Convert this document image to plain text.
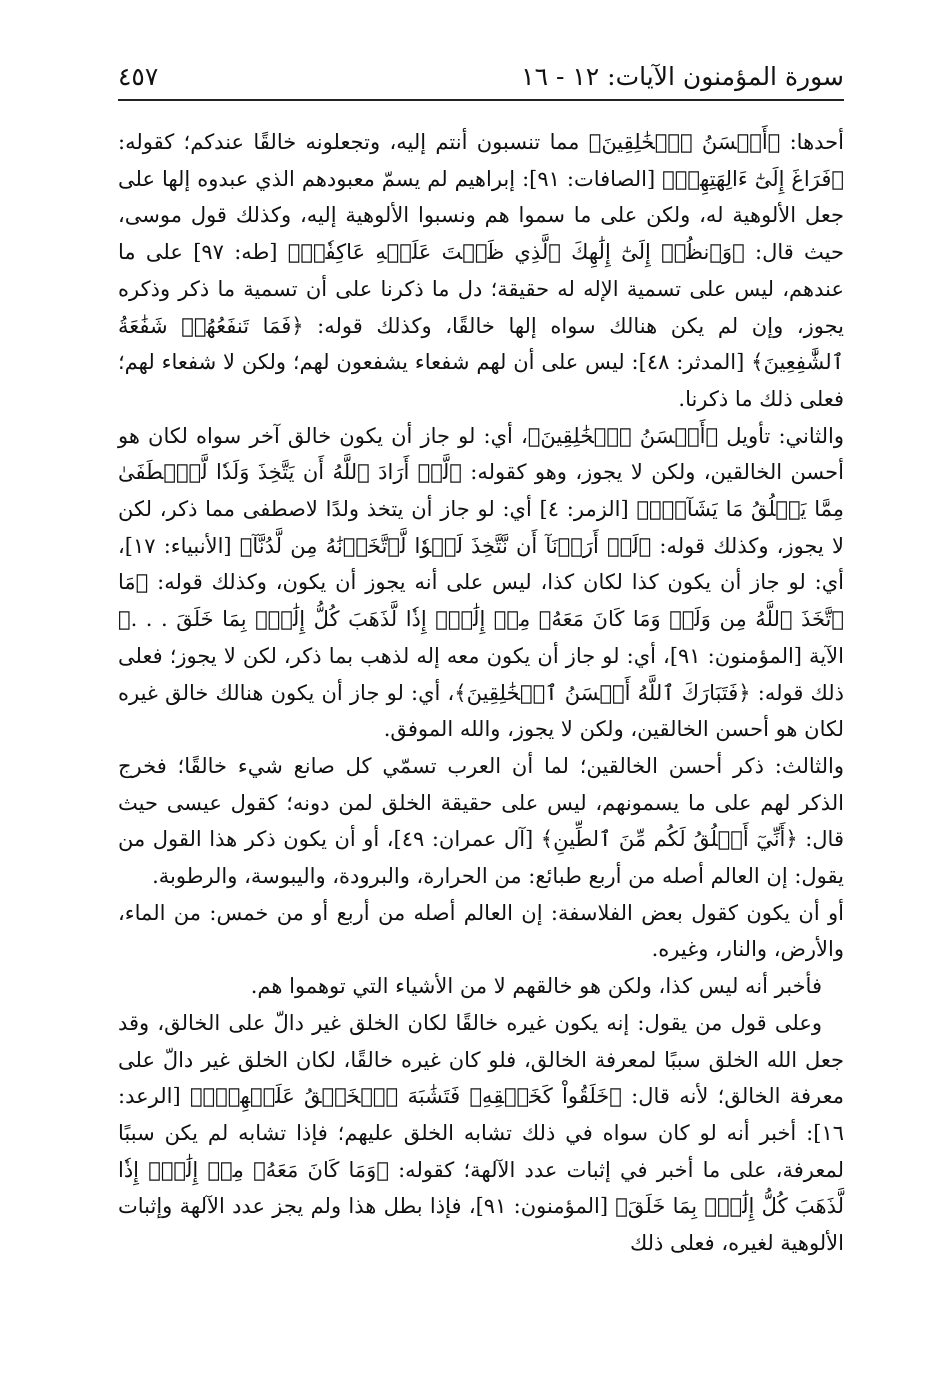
سورة المؤمنون الآيات: ١٢ - ١٦
٤٥٧

أحدها: ﴿أَحۡسَنُ ٱلۡخَٰلِقِينَ﴾ مما تنسبون أنتم إليه، وتجعلونه خالقًا عندكم؛ كقوله: ﴿فَرَاغَ إِلَىٰٓ ءَالِهَتِهِمۡ﴾ [الصافات: ٩١]: إبراهيم لم يسمّ معبودهم الذي عبدوه إلها على جعل الألوهية له، ولكن على ما سموا هم ونسبوا الألوهية إليه، وكذلك قول موسى، حيث قال: ﴿وَٱنظُرۡ إِلَىٰٓ إِلَٰهِكَ ٱلَّذِي ظَلۡتَ عَلَيۡهِ عَاكِفٗاۖ﴾ [طه: ٩٧] على ما عندهم، ليس على تسمية الإله له حقيقة؛ دل ما ذكرنا على أن تسمية ما ذكر وذكره يجوز، وإن لم يكن هنالك سواه إلها خالقًا، وكذلك قوله: ﴿فَمَا تَنفَعُهُمۡ شَفَٰعَةُ ٱلشَّٰفِعِينَ﴾ [المدثر: ٤٨]: ليس على أن لهم شفعاء يشفعون لهم؛ ولكن لا شفعاء لهم؛ فعلى ذلك ما ذكرنا.

والثاني: تأويل ﴿أَحۡسَنُ ٱلۡخَٰلِقِينَ﴾، أي: لو جاز أن يكون خالق آخر سواه لكان هو أحسن الخالقين، ولكن لا يجوز، وهو كقوله: ﴿لَّوۡ أَرَادَ ٱللَّهُ أَن يَتَّخِذَ وَلَدٗا لَّٱصۡطَفَىٰ مِمَّا يَخۡلُقُ مَا يَشَآءُۚ﴾ [الزمر: ٤] أي: لو جاز أن يتخذ ولدًا لاصطفى مما ذكر، لكن لا يجوز، وكذلك قوله: ﴿لَوۡ أَرَدۡنَآ أَن نَّتَّخِذَ لَهۡوٗا لَّٱتَّخَذۡنَٰهُ مِن لَّدُنَّآ﴾ [الأنبياء: ١٧]، أي: لو جاز أن يكون كذا لكان كذا، ليس على أنه يجوز أن يكون، وكذلك قوله: ﴿مَا ٱتَّخَذَ ٱللَّهُ مِن وَلَدٖ وَمَا كَانَ مَعَهُۥ مِنۡ إِلَٰهٍۚ إِذٗا لَّذَهَبَ كُلُّ إِلَٰهِۭ بِمَا خَلَقَ . . .﴾ الآية [المؤمنون: ٩١]، أي: لو جاز أن يكون معه إله لذهب بما ذكر، لكن لا يجوز؛ فعلى ذلك قوله: ﴿فَتَبَارَكَ ٱللَّهُ أَحۡسَنُ ٱلۡخَٰلِقِينَ﴾، أي: لو جاز أن يكون هنالك خالق غيره لكان هو أحسن الخالقين، ولكن لا يجوز، والله الموفق.

والثالث: ذكر أحسن الخالقين؛ لما أن العرب تسمّي كل صانع شيء خالقًا؛ فخرج الذكر لهم على ما يسمونهم، ليس على حقيقة الخلق لمن دونه؛ كقول عيسى حيث قال: ﴿أَنِّيٓ أَخۡلُقُ لَكُم مِّنَ ٱلطِّينِ﴾ [آل عمران: ٤٩]، أو أن يكون ذكر هذا القول من يقول: إن العالم أصله من أربع طبائع: من الحرارة، والبرودة، واليبوسة، والرطوبة.

أو أن يكون كقول بعض الفلاسفة: إن العالم أصله من أربع أو من خمس: من الماء، والأرض، والنار، وغيره.

فأخبر أنه ليس كذا، ولكن هو خالقهم لا من الأشياء التي توهموا هم.

وعلى قول من يقول: إنه يكون غيره خالقًا لكان الخلق غير دالّ على الخالق، وقد جعل الله الخلق سببًا لمعرفة الخالق، فلو كان غيره خالقًا، لكان الخلق غير دالّ على معرفة الخالق؛ لأنه قال: ﴿خَلَقُواْ كَخَلۡقِهِۦ فَتَشَٰبَهَ ٱلۡخَلۡقُ عَلَيۡهِمۡۚ﴾ [الرعد: ١٦]: أخبر أنه لو كان سواه في ذلك تشابه الخلق عليهم؛ فإذا تشابه لم يكن سببًا لمعرفة، على ما أخبر في إثبات عدد الآلهة؛ كقوله: ﴿وَمَا كَانَ مَعَهُۥ مِنۡ إِلَٰهٍۚ إِذٗا لَّذَهَبَ كُلُّ إِلَٰهِۭ بِمَا خَلَقَ﴾ [المؤمنون: ٩١]، فإذا بطل هذا ولم يجز عدد الآلهة وإثبات الألوهية لغيره، فعلى ذلك
